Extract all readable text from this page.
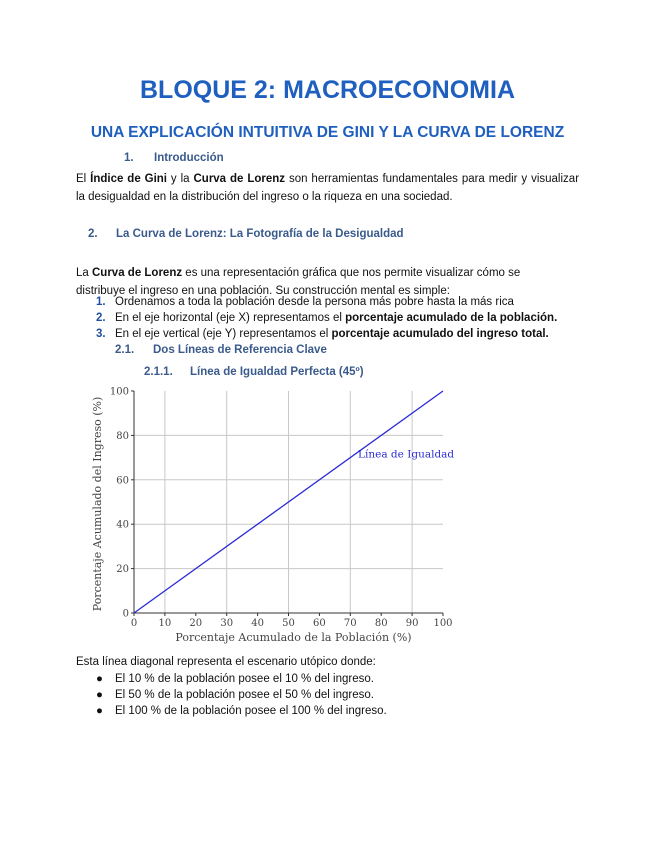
BLOQUE 2: MACROECONOMIA
UNA EXPLICACIÓN INTUITIVA DE GINI Y LA CURVA DE LORENZ
1. Introducción
El Índice de Gini y la Curva de Lorenz son herramientas fundamentales para medir y visualizar la desigualdad en la distribución del ingreso o la riqueza en una sociedad.
2. La Curva de Lorenz: La Fotografía de la Desigualdad
La Curva de Lorenz es una representación gráfica que nos permite visualizar cómo se distribuye el ingreso en una población. Su construcción mental es simple:
1. Ordenamos a toda la población desde la persona más pobre hasta la más rica
2. En el eje horizontal (eje X) representamos el porcentaje acumulado de la población.
3. En el eje vertical (eje Y) representamos el porcentaje acumulado del ingreso total.
2.1. Dos Líneas de Referencia Clave
2.1.1. Línea de Igualdad Perfecta (45º)
0 10 20 30 40 50 60 70 80 90 100
0
20
40
60
80
100
Línea de Igualdad
Porcentaje Acumulado de la Población (%)
Porcentaje Acumulado del Ingreso (%)
Esta línea diagonal representa el escenario utópico donde:
● El 10 % de la población posee el 10 % del ingreso.
● El 50 % de la población posee el 50 % del ingreso.
● El 100 % de la población posee el 100 % del ingreso.
